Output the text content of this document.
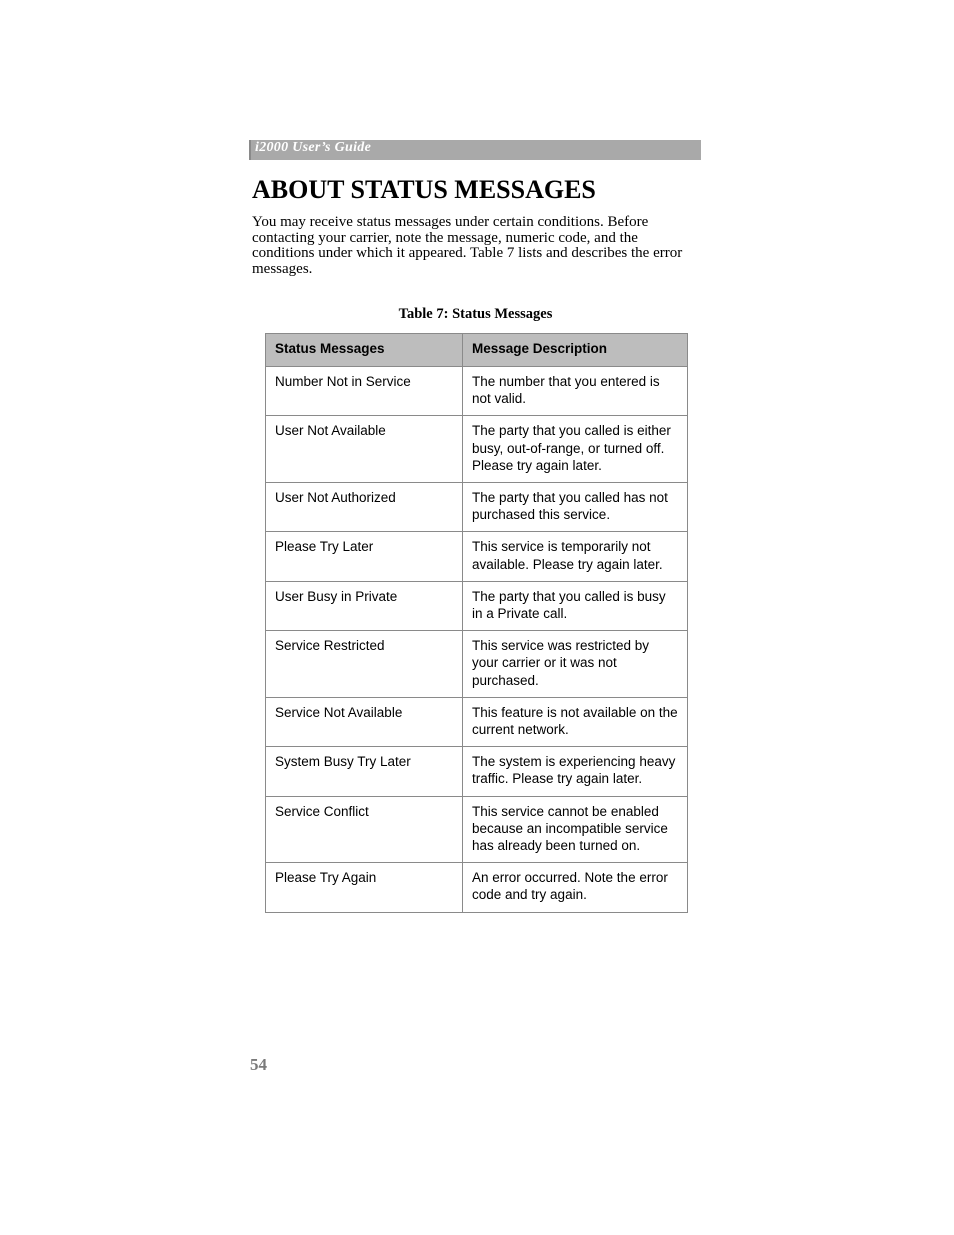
i2000 User’s Guide
ABOUT STATUS MESSAGES

You may receive status messages under certain conditions. Before contacting your carrier, note the message, numeric code, and the conditions under which it appeared. Table 7 lists and describes the error messages.

Table 7: Status Messages
Status Messages	Message Description
Number Not in Service	The number that you entered is not valid.
User Not Available	The party that you called is either busy, out-of-range, or turned off. Please try again later.
User Not Authorized	The party that you called has not purchased this service.
Please Try Later	This service is temporarily not available. Please try again later.
User Busy in Private	The party that you called is busy in a Private call.
Service Restricted	This service was restricted by your carrier or it was not purchased.
Service Not Available	This feature is not available on the current network.
System Busy Try Later	The system is experiencing heavy traffic. Please try again later.
Service Conflict	This service cannot be enabled because an incompatible service has already been turned on.
Please Try Again	An error occurred. Note the error code and try again.
54
